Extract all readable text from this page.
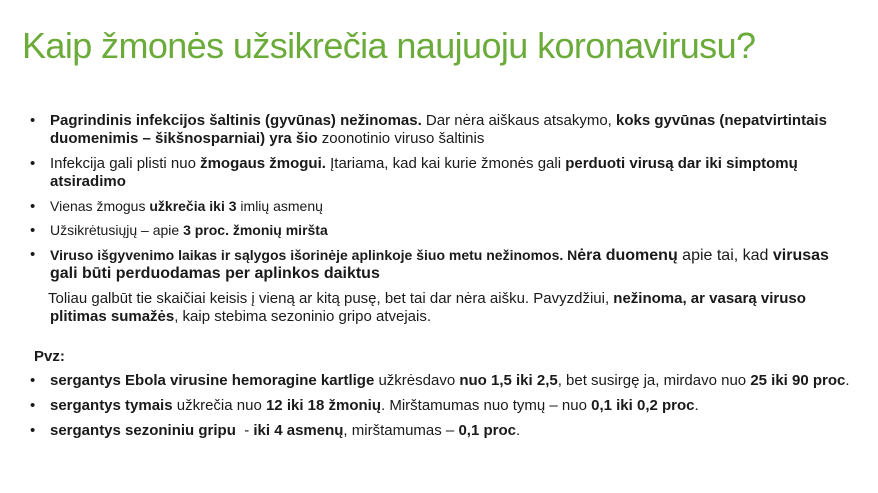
Kaip žmonės užsikrečia naujuoju koronavirusu?
• Pagrindinis infekcijos šaltinis (gyvūnas) nežinomas. Dar nėra aiškaus atsakymo, koks gyvūnas (nepatvirtintais duomenimis – šikšnosparniai) yra šio zoonotinio viruso šaltinis
• Infekcija gali plisti nuo žmogaus žmogui. Įtariama, kad kai kurie žmonės gali perduoti virusą dar iki simptomų atsiradimo
• Vienas žmogus užkrečia iki 3 imlių asmenų
• Užsikrėtusiųjų – apie 3 proc. žmonių miršta
• Viruso išgyvenimo laikas ir sąlygos išorinėje aplinkoje šiuo metu nežinomos. Nėra duomenų apie tai, kad virusas gali būti perduodamas per aplinkos daiktus
Toliau galbūt tie skaičiai keisis į vieną ar kitą pusę, bet tai dar nėra aišku. Pavyzdžiui, nežinoma, ar vasarą viruso plitimas sumažės, kaip stebima sezoninio gripo atvejais.
Pvz:
• sergantys Ebola virusine hemoragine kartlige užkrėsdavo nuo 1,5 iki 2,5, bet susirgę ja, mirdavo nuo 25 iki 90 proc.
• sergantys tymais užkrečia nuo 12 iki 18 žmonių. Mirštamumas nuo tymų – nuo 0,1 iki 0,2 proc.
• sergantys sezoniniu gripu  - iki 4 asmenų, mirštamumas – 0,1 proc.
